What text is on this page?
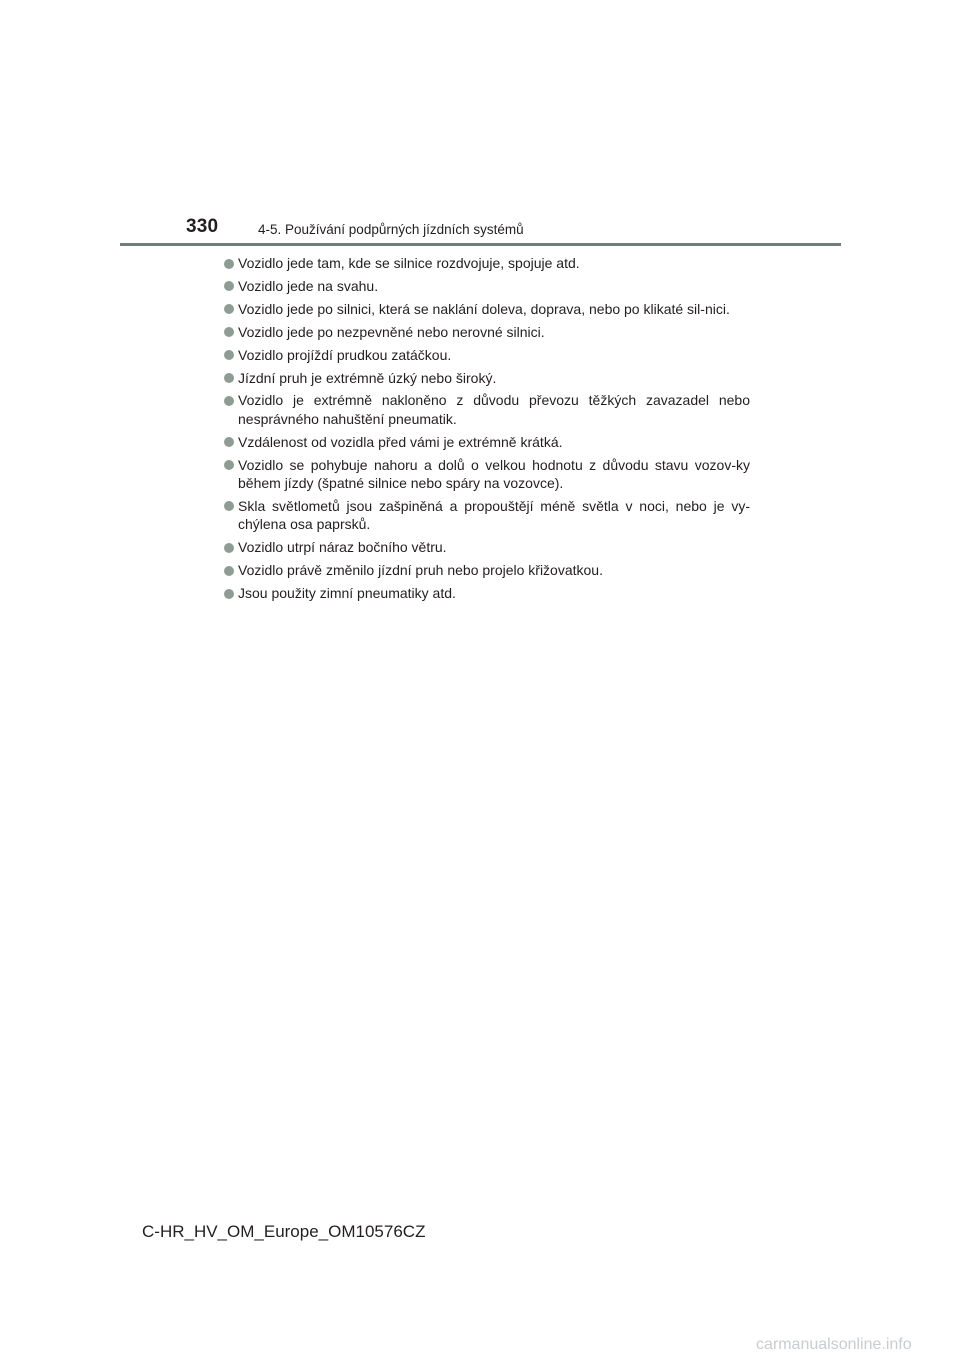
330	4-5. Používání podpůrných jízdních systémů
Vozidlo jede tam, kde se silnice rozdvojuje, spojuje atd.
Vozidlo jede na svahu.
Vozidlo jede po silnici, která se naklání doleva, doprava, nebo po klikaté sil-nici.
Vozidlo jede po nezpevněné nebo nerovné silnici.
Vozidlo projíždí prudkou zatáčkou.
Jízdní pruh je extrémně úzký nebo široký.
Vozidlo je extrémně nakloněno z důvodu převozu těžkých zavazadel nebo nesprávného nahuštění pneumatik.
Vzdálenost od vozidla před vámi je extrémně krátká.
Vozidlo se pohybuje nahoru a dolů o velkou hodnotu z důvodu stavu vozov-ky během jízdy (špatné silnice nebo spáry na vozovce).
Skla světlometů jsou zašpiněná a propouštějí méně světla v noci, nebo je vy-chýlena osa paprsků.
Vozidlo utrpí náraz bočního větru.
Vozidlo právě změnilo jízdní pruh nebo projelo křižovatkou.
Jsou použity zimní pneumatiky atd.
C-HR_HV_OM_Europe_OM10576CZ
carmanualsonline.info
